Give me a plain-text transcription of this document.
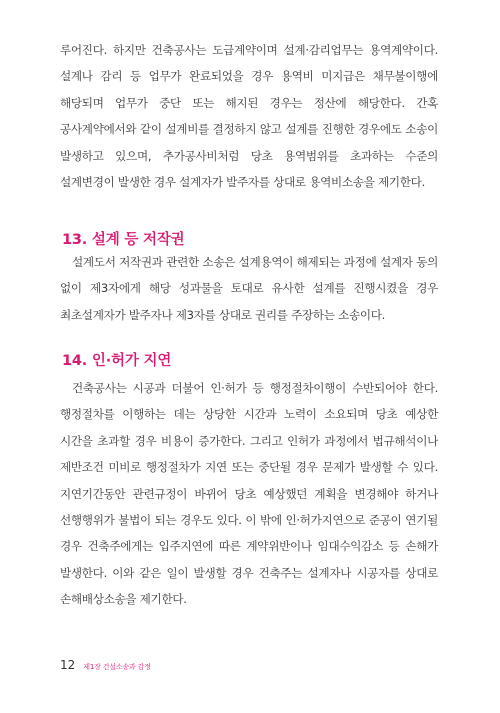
루어진다. 하지만 건축공사는 도급계약이며 설계·감리업무는 용역계약이다. 설계나 감리 등 업무가 완료되었을 경우 용역비 미지급은 채무불이행에 해당되며 업무가 중단 또는 해지된 경우는 정산에 해당한다. 간혹 공사계약에서와 같이 설계비를 결정하지 않고 설계를 진행한 경우에도 소송이 발생하고 있으며, 추가공사비처럼 당초 용역범위를 초과하는 수준의 설계변경이 발생한 경우 설계자가 발주자를 상대로 용역비소송을 제기한다.

13. 설계 등 저작권

설계도서 저작권과 관련한 소송은 설계용역이 해제되는 과정에 설계자 동의 없이 제3자에게 해당 성과물을 토대로 유사한 설계를 진행시켰을 경우 최초설계자가 발주자나 제3자를 상대로 권리를 주장하는 소송이다.

14. 인·허가 지연

건축공사는 시공과 더불어 인·허가 등 행정절차이행이 수반되어야 한다. 행정절차를 이행하는 데는 상당한 시간과 노력이 소요되며 당초 예상한 시간을 초과할 경우 비용이 증가한다. 그리고 인허가 과정에서 법규해석이나 제반조건 미비로 행정절차가 지연 또는 중단될 경우 문제가 발생할 수 있다. 지연기간동안 관련규정이 바뀌어 당초 예상했던 계획을 변경해야 하거나 선행행위가 불법이 되는 경우도 있다. 이 밖에 인·허가지연으로 준공이 연기될 경우 건축주에게는 입주지연에 따른 계약위반이나 임대수익감소 등 손해가 발생한다. 이와 같은 일이 발생할 경우 건축주는 설계자나 시공자를 상대로 손해배상소송을 제기한다.

12 제1장 건설소송과 감정
